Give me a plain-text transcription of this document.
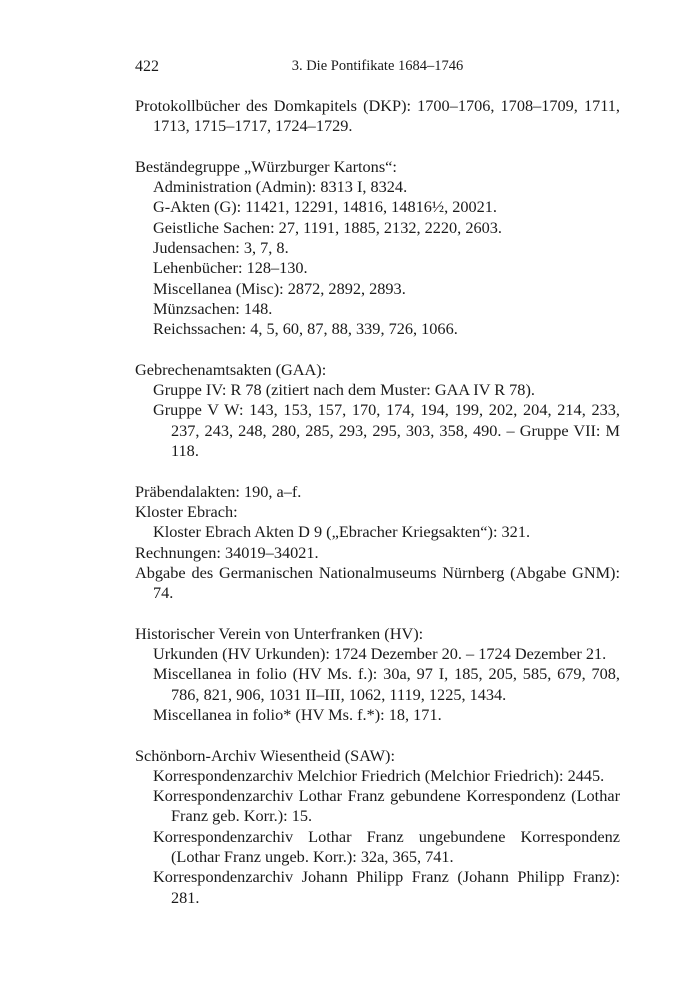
422	3. Die Pontifikate 1684–1746
Protokollbücher des Domkapitels (DKP): 1700–1706, 1708–1709, 1711, 1713, 1715–1717, 1724–1729.
Beständegruppe „Würzburger Kartons“:
Administration (Admin): 8313 I, 8324.
G-Akten (G): 11421, 12291, 14816, 14816½, 20021.
Geistliche Sachen: 27, 1191, 1885, 2132, 2220, 2603.
Judensachen: 3, 7, 8.
Lehenbücher: 128–130.
Miscellanea (Misc): 2872, 2892, 2893.
Münzsachen: 148.
Reichssachen: 4, 5, 60, 87, 88, 339, 726, 1066.
Gebrechenamtsakten (GAA):
Gruppe IV: R 78 (zitiert nach dem Muster: GAA IV R 78).
Gruppe V W: 143, 153, 157, 170, 174, 194, 199, 202, 204, 214, 233, 237, 243, 248, 280, 285, 293, 295, 303, 358, 490. – Gruppe VII: M 118.
Präbendalakten: 190, a–f.
Kloster Ebrach:
Kloster Ebrach Akten D 9 („Ebracher Kriegsakten“): 321.
Rechnungen: 34019–34021.
Abgabe des Germanischen Nationalmuseums Nürnberg (Abgabe GNM): 74.
Historischer Verein von Unterfranken (HV):
Urkunden (HV Urkunden): 1724 Dezember 20. – 1724 Dezember 21.
Miscellanea in folio (HV Ms. f.): 30a, 97 I, 185, 205, 585, 679, 708, 786, 821, 906, 1031 II–III, 1062, 1119, 1225, 1434.
Miscellanea in folio* (HV Ms. f.*): 18, 171.
Schönborn-Archiv Wiesentheid (SAW):
Korrespondenzarchiv Melchior Friedrich (Melchior Friedrich): 2445.
Korrespondenzarchiv Lothar Franz gebundene Korrespondenz (Lothar Franz geb. Korr.): 15.
Korrespondenzarchiv Lothar Franz ungebundene Korrespondenz (Lothar Franz ungeb. Korr.): 32a, 365, 741.
Korrespondenzarchiv Johann Philipp Franz (Johann Philipp Franz): 281.
